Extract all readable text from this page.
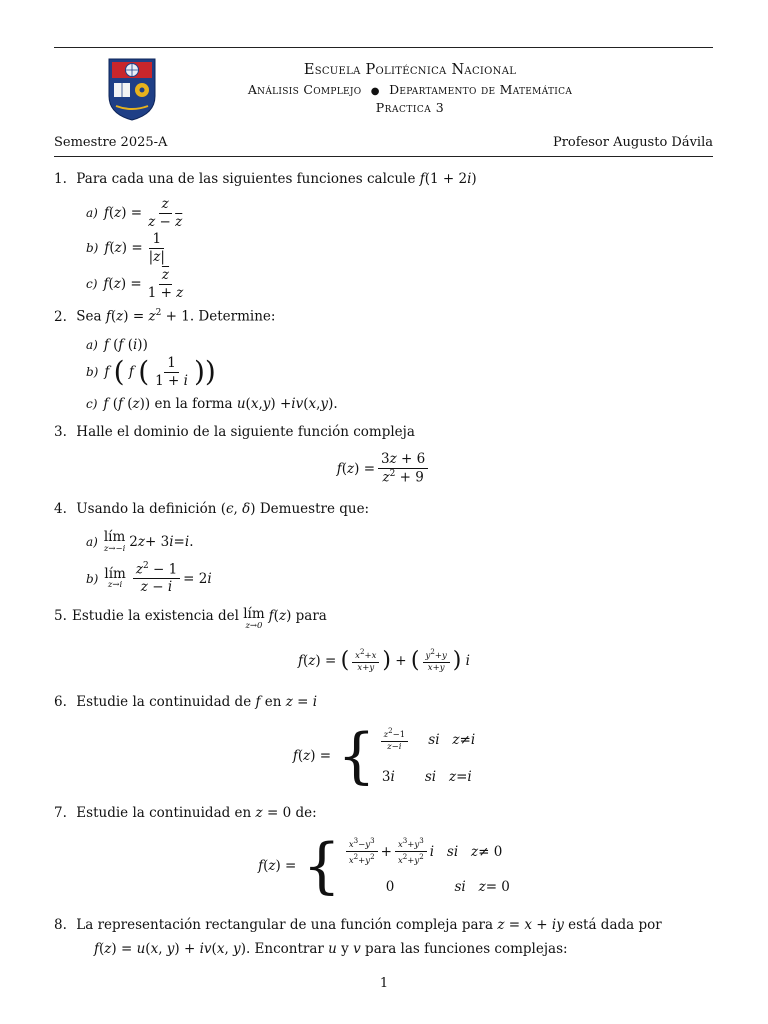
Escuela Politécnica Nacional
Análisis Complejo ● Departamento de Matemática
Practica 3
Semestre 2025-A	Profesor Augusto Dávila
1. Para cada una de las siguientes funciones calcule f(1 + 2i)
a) f ( z ) = $\frac{z}{z - \overline{z}}$
b) f ( z ) = $\frac{1}{|z|}$
c) f ( z ) = $\frac{\overline{z}}{1 + z}$
2. Sea $f(z) = z^2 + 1$. Determine:
a) f ( f ( i ))
b) f
(
f
( $\frac{1}{1 + i}$ ) )
c) f ( f ( z )) en la forma
u ( x , y ) + iv ( x , y ).
3. Halle el dominio de la siguiente función compleja
f ( z ) = $\frac{3z + 6}{z^2 + 9}$
4. Usando la definición (ϵ, δ) Demuestre que:
a) lím
z→−i 2 z + 3 i = i .
b) lím
$z\to i \frac{z^2 - 1}{z - i} = 2$ i
5. Estudie la existencia del
lím
z→0
f(z) para
f ( z ) = ( $\frac{x^2+x}{x+y}$ ) + ( $\frac{y^2+y}{x+y}$ )
i
6. Estudie la continuidad de f en z = i
f ( z ) = { $\frac{z^2-1}{z-i}$
si
z ≠ i
3 i
si
z = i
7. Estudie la continuidad en z = 0 de:
f ( z ) = { $\frac{x^3-y^3}{x^2+y^2} + \frac{x^3+y^3}{x^2+y^2}$ i
si
z ≠ 0
0 si
z = 0
8. La representación rectangular de una función compleja para z = x + iy está dada por
f(z) = u(x, y) + iv(x, y). Encontrar u y v para las funciones complejas:
1
